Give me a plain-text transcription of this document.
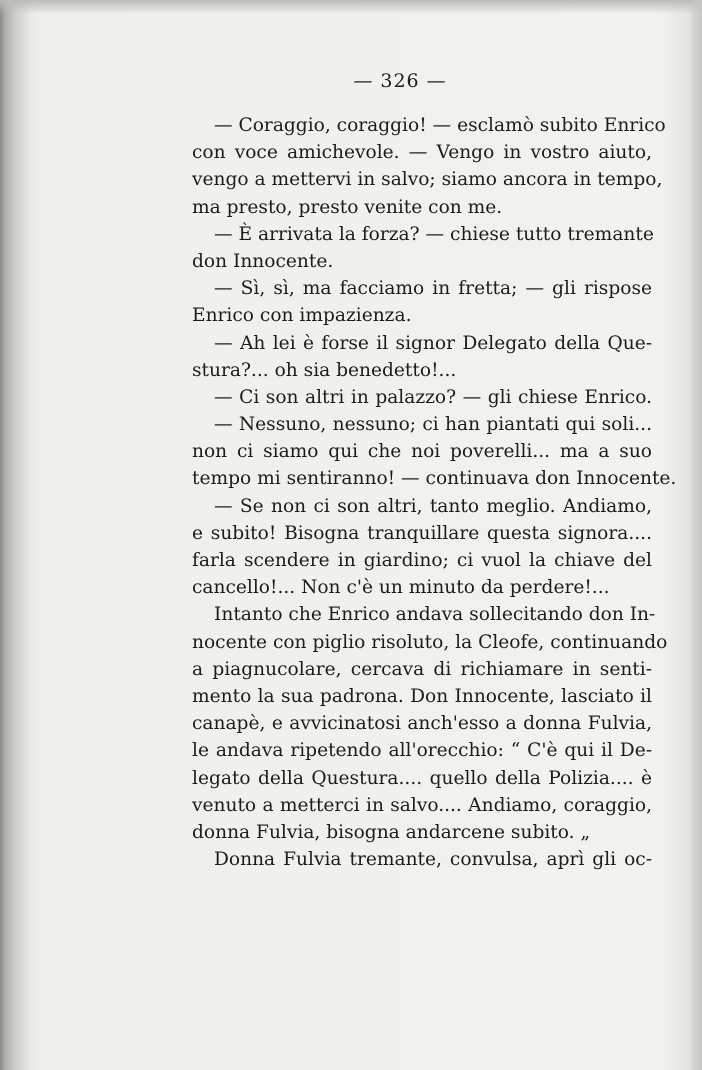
— 326 —
— Coraggio, coraggio! — esclamò subito Enrico
con voce amichevole. — Vengo in vostro aiuto,
vengo a mettervi in salvo; siamo ancora in tempo,
ma presto, presto venite con me.
— È arrivata la forza? — chiese tutto tremante
don Innocente.
— Sì, sì, ma facciamo in fretta; — gli rispose
Enrico con impazienza.
— Ah lei è forse il signor Delegato della Que-
stura?... oh sia benedetto!...
— Ci son altri in palazzo? — gli chiese Enrico.
— Nessuno, nessuno; ci han piantati qui soli...
non ci siamo qui che noi poverelli... ma a suo
tempo mi sentiranno! — continuava don Innocente.
— Se non ci son altri, tanto meglio. Andiamo,
e subito! Bisogna tranquillare questa signora....
farla scendere in giardino; ci vuol la chiave del
cancello!... Non c'è un minuto da perdere!...
Intanto che Enrico andava sollecitando don In-
nocente con piglio risoluto, la Cleofe, continuando
a piagnucolare, cercava di richiamare in senti-
mento la sua padrona. Don Innocente, lasciato il
canapè, e avvicinatosi anch'esso a donna Fulvia,
le andava ripetendo all'orecchio: “ C'è qui il De-
legato della Questura.... quello della Polizia.... è
venuto a metterci in salvo.... Andiamo, coraggio,
donna Fulvia, bisogna andarcene subito. „
Donna Fulvia tremante, convulsa, aprì gli oc-
